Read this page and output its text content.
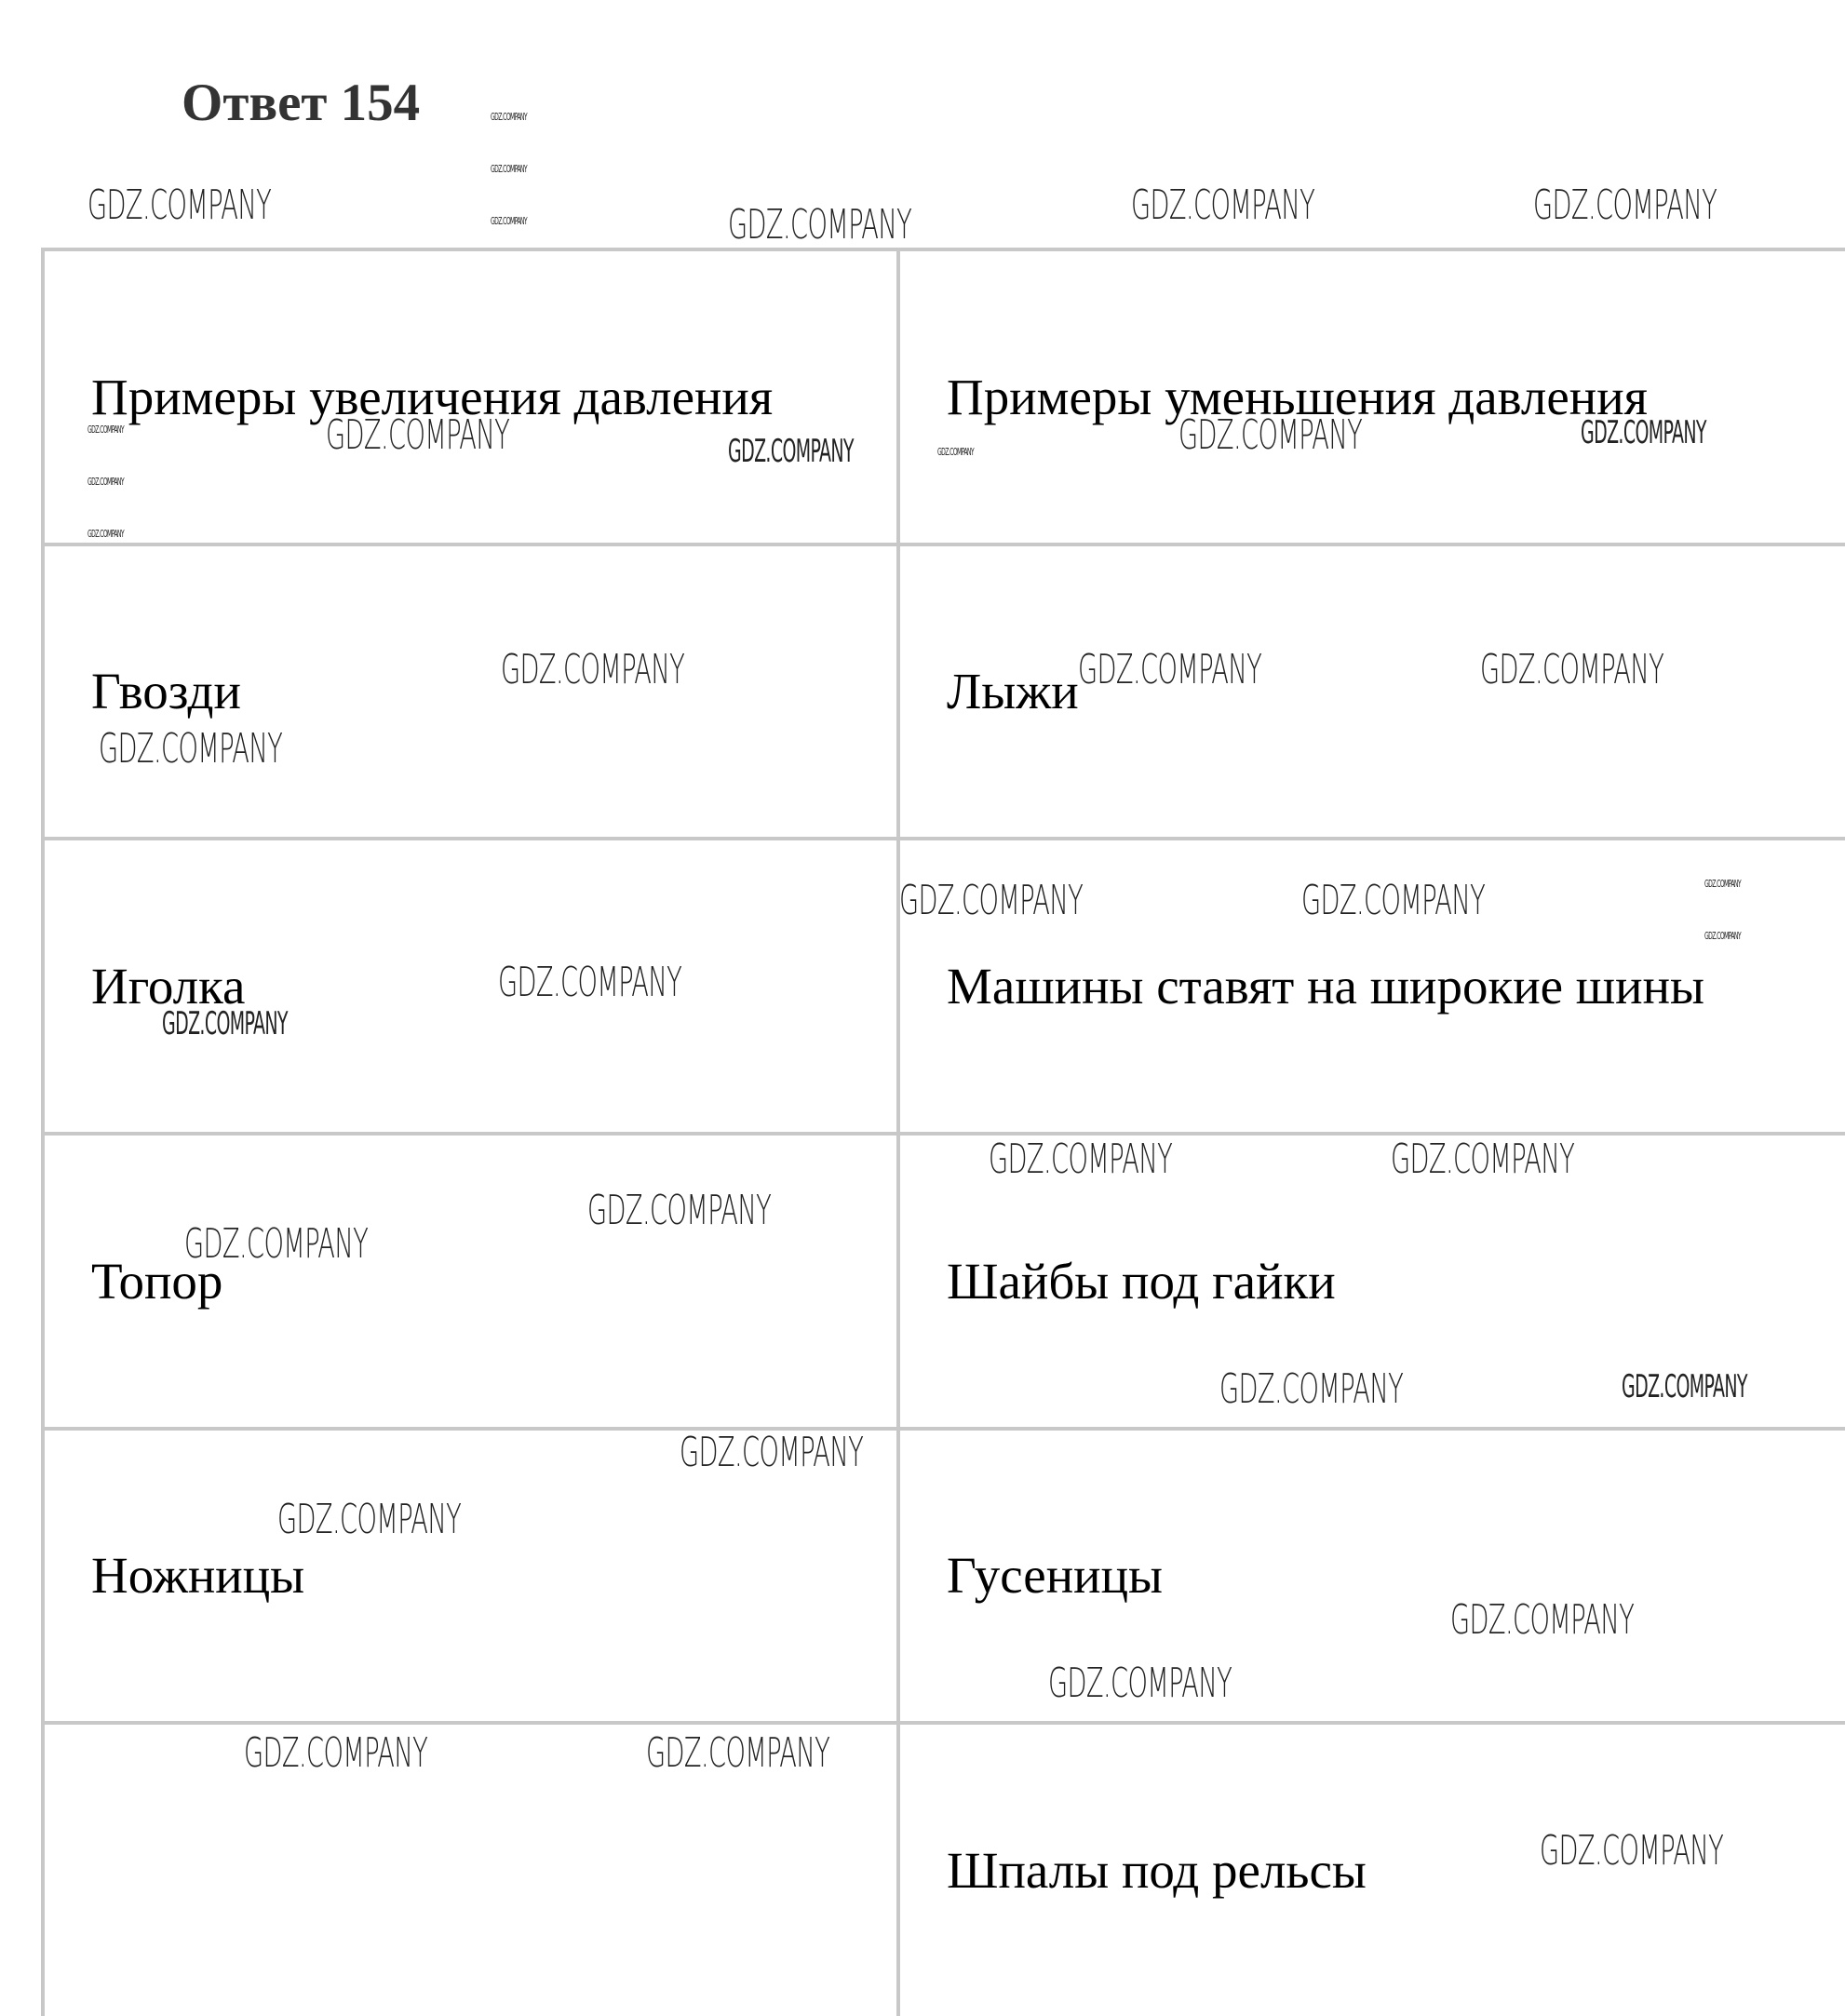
Ответ 154
Примеры увеличения давления	Примеры уменьшения давления
Гвозди	Лыжи
Иголка	Машины ставят на широкие шины
Топор	Шайбы под гайки
Ножницы	Гусеницы
	Шпалы под рельсы
GDZ.COMPANY
GDZ.COMPANY
GDZ.COMPANY
GDZ.COMPANY	GDZ.COMPANY	GDZ.COMPANY	GDZ.COMPANY
GDZ.COMPANY
GDZ.COMPANY
GDZ.COMPANY
GDZ.COMPANY	GDZ.COMPANY	GDZ.COMPANY	GDZ.COMPANY	GDZ.COMPANY
GDZ.COMPANY
GDZ.COMPANY
GDZ.COMPANY	GDZ.COMPANY
GDZ.COMPANY	GDZ.COMPANY	GDZ.COMPANY
GDZ.COMPANY
GDZ.COMPANY
GDZ.COMPANY
GDZ.COMPANY	GDZ.COMPANY
GDZ.COMPANY
GDZ.COMPANY
GDZ.COMPANY	GDZ.COMPANY
GDZ.COMPANY
GDZ.COMPANY
GDZ.COMPANY
GDZ.COMPANY
GDZ.COMPANY	GDZ.COMPANY
GDZ.COMPANY
